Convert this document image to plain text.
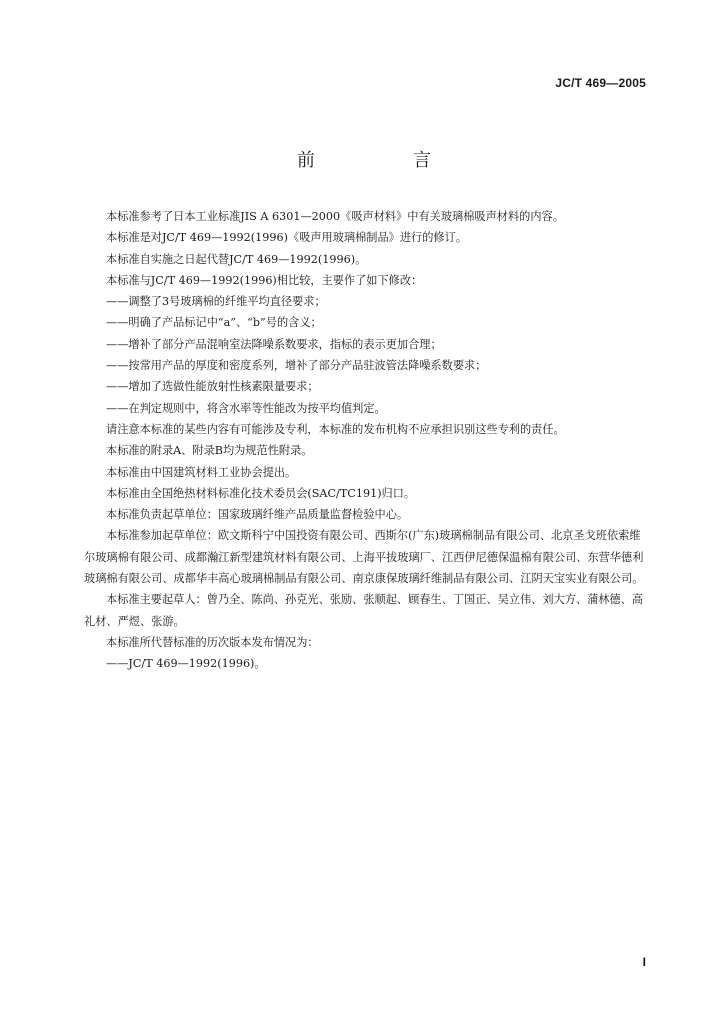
JC/T 469—2005
前　言

本标准参考了日本工业标准JIS A 6301—2000《吸声材料》中有关玻璃棉吸声材料的内容。

本标准是对JC/T 469—1992(1996)《吸声用玻璃棉制品》进行的修订。

本标准自实施之日起代替JC/T 469—1992(1996)。

本标准与JC/T 469—1992(1996)相比较，主要作了如下修改：

——调整了3号玻璃棉的纤维平均直径要求；

——明确了产品标记中“a”、“b”号的含义；

——增补了部分产品混响室法降噪系数要求，指标的表示更加合理；

——按常用产品的厚度和密度系列，增补了部分产品驻波管法降噪系数要求；

——增加了选做性能放射性核素限量要求；

——在判定规则中，将含水率等性能改为按平均值判定。

请注意本标准的某些内容有可能涉及专利，本标准的发布机构不应承担识别这些专利的责任。

本标准的附录A、附录B均为规范性附录。

本标准由中国建筑材料工业协会提出。

本标准由全国绝热材料标准化技术委员会(SAC/TC191)归口。

本标准负责起草单位：国家玻璃纤维产品质量监督检验中心。

本标准参加起草单位：欧文斯科宁中国投资有限公司、西斯尔(广东)玻璃棉制品有限公司、北京圣戈班依索维尔玻璃棉有限公司、成都瀚江新型建筑材料有限公司、上海平拔玻璃厂、江西伊尼德保温棉有限公司、东营华德利玻璃棉有限公司、成都华丰高心玻璃棉制品有限公司、南京康保玻璃纤维制品有限公司、江阴天宝实业有限公司。

本标准主要起草人：曾乃全、陈尚、孙克光、张励、张顺起、顾春生、丁国正、吴立伟、刘大方、蒲林德、高礼材、严煜、张游。

本标准所代替标准的历次版本发布情况为：

——JC/T 469—1992(1996)。

I
